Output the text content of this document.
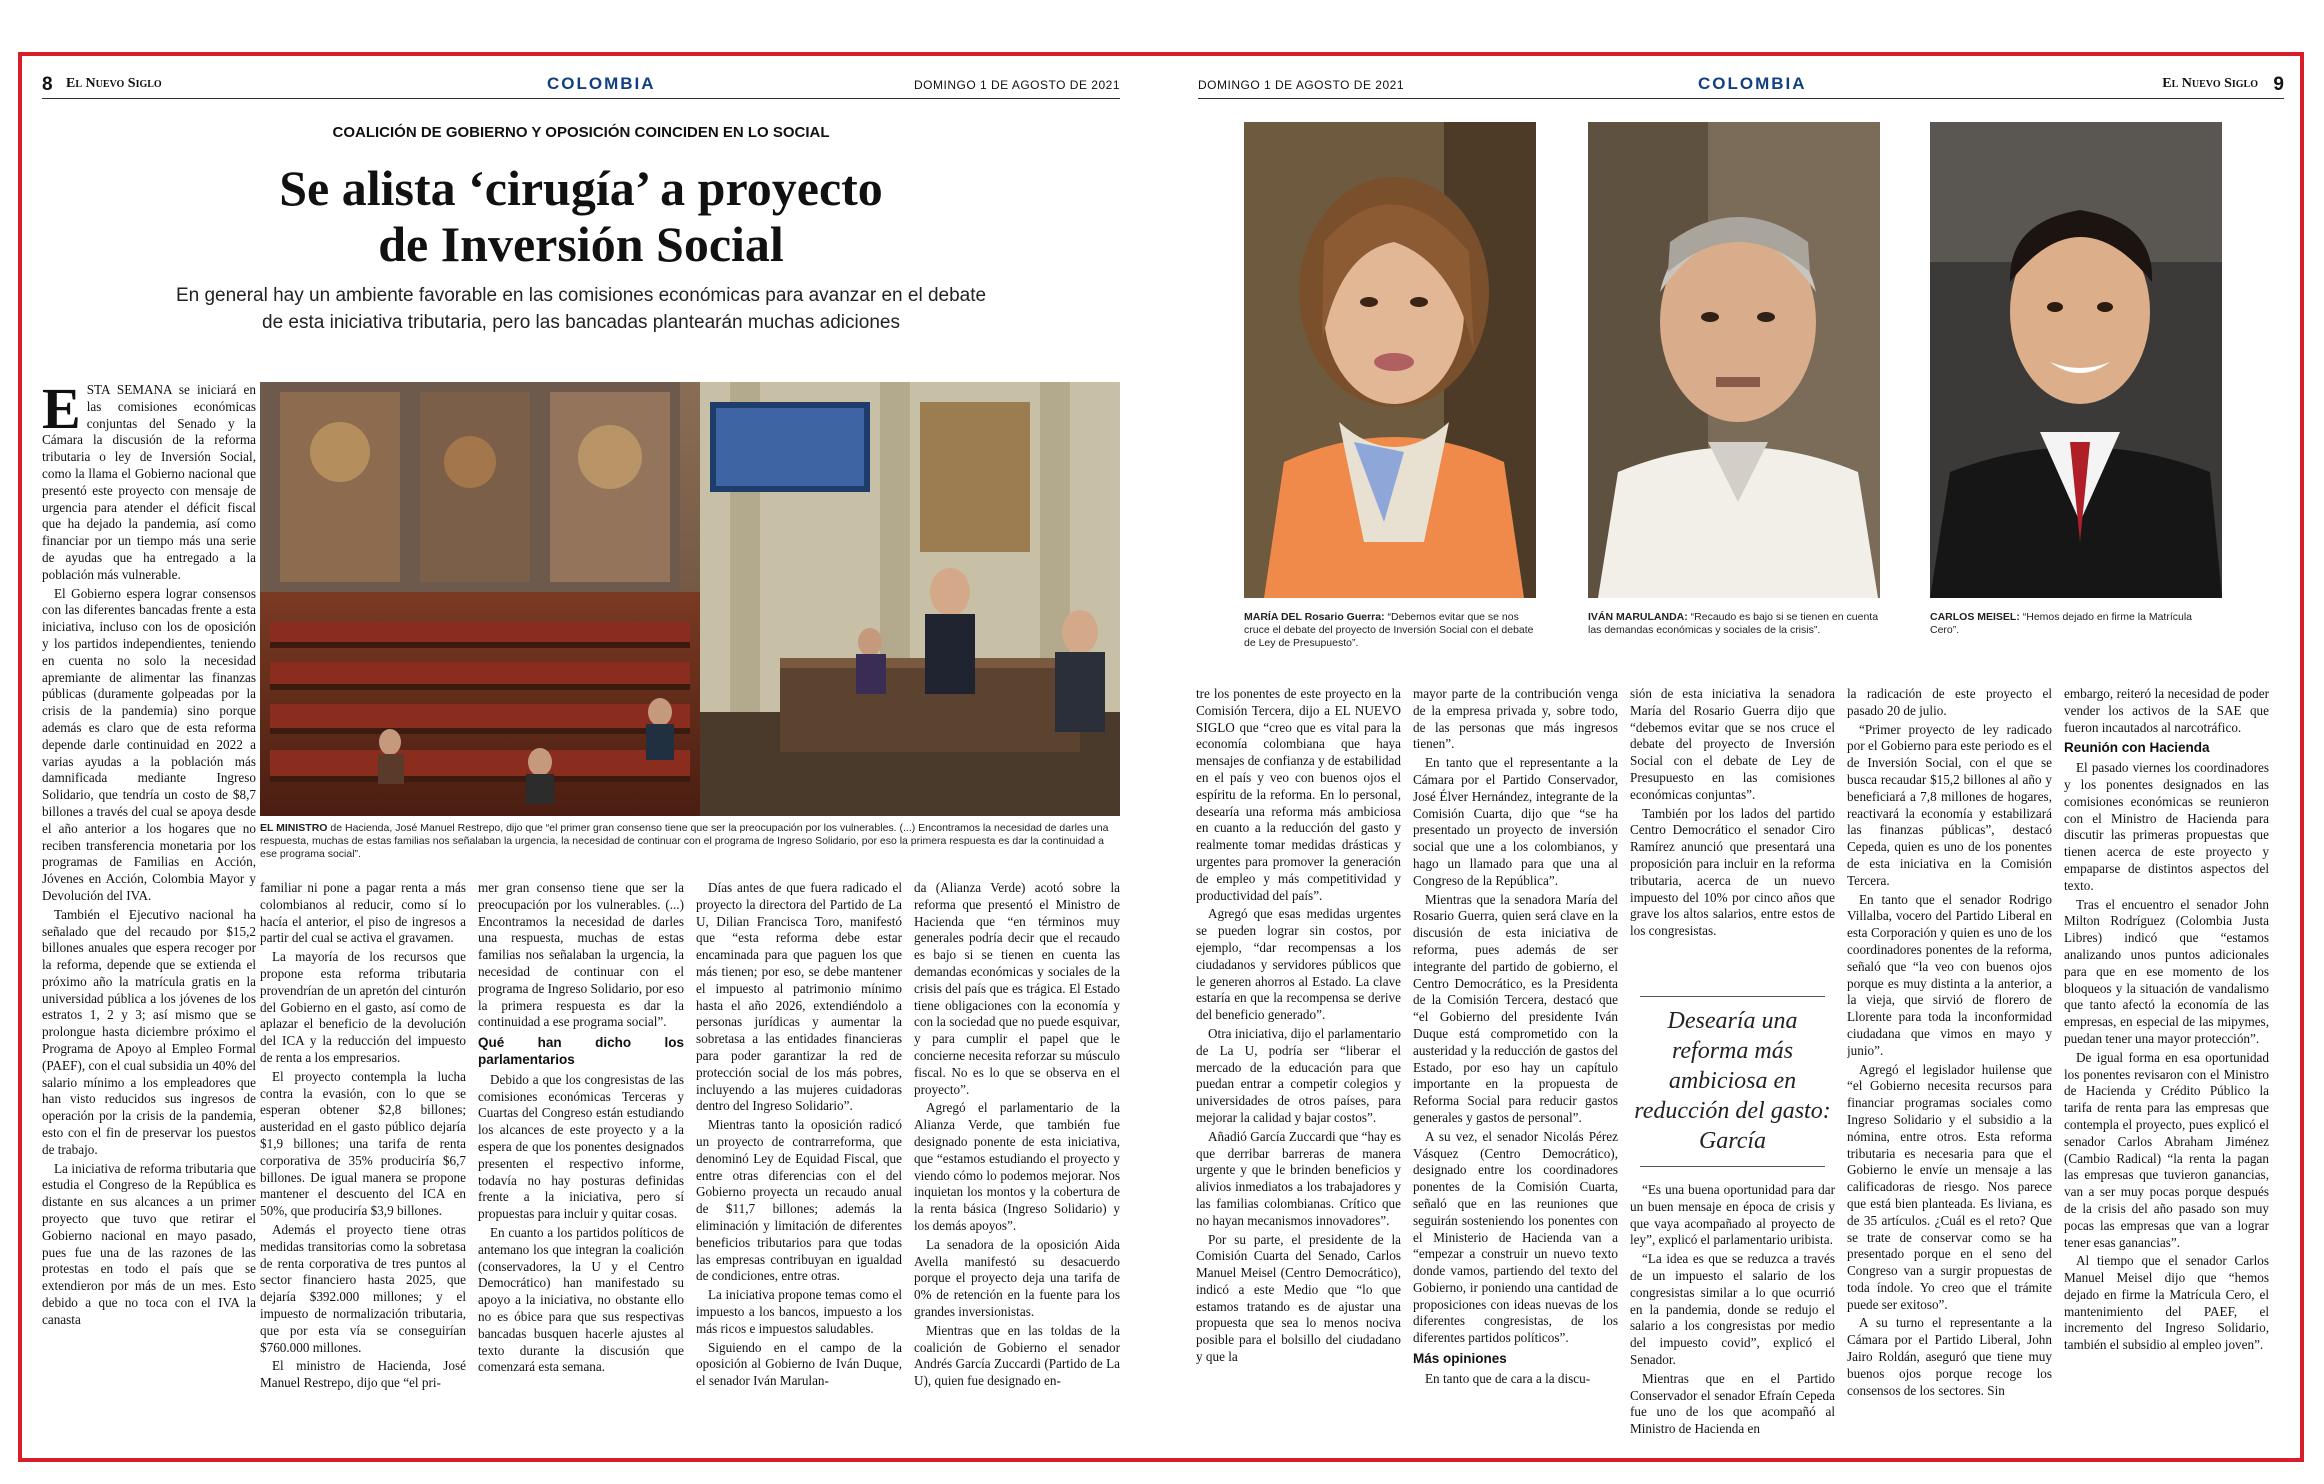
8 El Nuevo Siglo	COLOMBIA	DOMINGO 1 DE AGOSTO DE 2021
COALICIÓN DE GOBIERNO Y OPOSICIÓN COINCIDEN EN LO SOCIAL
Se alista ‘cirugía’ a proyecto
de Inversión Social
En general hay un ambiente favorable en las comisiones económicas para avanzar en el debate
de esta iniciativa tributaria, pero las bancadas plantearán muchas adiciones
E STA SEMANA se iniciará en las comisiones económicas conjuntas del Senado y la Cámara la discusión de la reforma tributaria o ley de Inversión Social, como la llama el Gobierno nacional que presentó este proyecto con mensaje de urgencia para atender el déficit fiscal que ha dejado la pandemia, así como financiar por un tiempo más una serie de ayudas que ha entregado a la población más vulnerable.

El Gobierno espera lograr consensos con las diferentes bancadas frente a esta iniciativa, incluso con los de oposición y los partidos independientes, teniendo en cuenta no solo la necesidad apremiante de alimentar las finanzas públicas (duramente golpeadas por la crisis de la pandemia) sino porque además es claro que de esta reforma depende darle continuidad en 2022 a varias ayudas a la población más damnificada mediante Ingreso Solidario, que tendría un costo de $8,7 billones a través del cual se apoya desde el año anterior a los hogares que no reciben transferencia monetaria por los programas de Familias en Acción, Jóvenes en Acción, Colombia Mayor y Devolución del IVA.

También el Ejecutivo nacional ha señalado que del recaudo por $15,2 billones anuales que espera recoger por la reforma, depende que se extienda el próximo año la matrícula gratis en la universidad pública a los jóvenes de los estratos 1, 2 y 3; así mismo que se prolongue hasta diciembre próximo el Programa de Apoyo al Empleo Formal (PAEF), con el cual subsidia un 40% del salario mínimo a los empleadores que han visto reducidos sus ingresos de operación por la crisis de la pandemia, esto con el fin de preservar los puestos de trabajo.

La iniciativa de reforma tributaria que estudia el Congreso de la República es distante en sus alcances a un primer proyecto que tuvo que retirar el Gobierno nacional en mayo pasado, pues fue una de las razones de las protestas en todo el país que se extendieron por más de un mes. Esto debido a que no toca con el IVA la canasta

EL MINISTRO de Hacienda, José Manuel Restrepo, dijo que “el primer gran consenso tiene que ser la preocupación por los vulnerables. (...) Encontramos la necesidad de darles una respuesta, muchas de estas familias nos señalaban la urgencia, la necesidad de continuar con el programa de Ingreso Solidario, por eso la primera respuesta es dar la continuidad a ese programa social”.

familiar ni pone a pagar renta a más colombianos al reducir, como sí lo hacía el anterior, el piso de ingresos a partir del cual se activa el gravamen.

La mayoría de los recursos que propone esta reforma tributaria provendrían de un apretón del cinturón del Gobierno en el gasto, así como de aplazar el beneficio de la devolución del ICA y la reducción del impuesto de renta a los empresarios.

El proyecto contempla la lucha contra la evasión, con lo que se esperan obtener $2,8 billones; austeridad en el gasto público dejaría $1,9 billones; una tarifa de renta corporativa de 35% produciría $6,7 billones. De igual manera se propone mantener el descuento del ICA en 50%, que produciría $3,9 billones.

Además el proyecto tiene otras medidas transitorias como la sobretasa de renta corporativa de tres puntos al sector financiero hasta 2025, que dejaría $392.000 millones; y el impuesto de normalización tributaria, que por esta vía se conseguirían $760.000 millones.

El ministro de Hacienda, José Manuel Restrepo, dijo que “el pri-

mer gran consenso tiene que ser la preocupación por los vulnerables. (...) Encontramos la necesidad de darles una respuesta, muchas de estas familias nos señalaban la urgencia, la necesidad de continuar con el programa de Ingreso Solidario, por eso la primera respuesta es dar la continuidad a ese programa social”.

Qué han dicho los parlamentarios

Debido a que los congresistas de las comisiones económicas Terceras y Cuartas del Congreso están estudiando los alcances de este proyecto y a la espera de que los ponentes designados presenten el respectivo informe, todavía no hay posturas definidas frente a la iniciativa, pero sí propuestas para incluir y quitar cosas.

En cuanto a los partidos políticos de antemano los que integran la coalición (conservadores, la U y el Centro Democrático) han manifestado su apoyo a la iniciativa, no obstante ello no es óbice para que sus respectivas bancadas busquen hacerle ajustes al texto durante la discusión que comenzará esta semana.

Días antes de que fuera radicado el proyecto la directora del Partido de La U, Dilian Francisca Toro, manifestó que “esta reforma debe estar encaminada para que paguen los que más tienen; por eso, se debe mantener el impuesto al patrimonio mínimo hasta el año 2026, extendiéndolo a personas jurídicas y aumentar la sobretasa a las entidades financieras para poder garantizar la red de protección social de los más pobres, incluyendo a las mujeres cuidadoras dentro del Ingreso Solidario”.

Mientras tanto la oposición radicó un proyecto de contrarreforma, que denominó Ley de Equidad Fiscal, que entre otras diferencias con el del Gobierno proyecta un recaudo anual de $11,7 billones; además la eliminación y limitación de diferentes beneficios tributarios para que todas las empresas contribuyan en igualdad de condiciones, entre otras.

La iniciativa propone temas como el impuesto a los bancos, impuesto a los más ricos e impuestos saludables.

Siguiendo en el campo de la oposición al Gobierno de Iván Duque, el senador Iván Marulan-

da (Alianza Verde) acotó sobre la reforma que presentó el Ministro de Hacienda que “en términos muy generales podría decir que el recaudo es bajo si se tienen en cuenta las demandas económicas y sociales de la crisis del país que es trágica. El Estado tiene obligaciones con la economía y con la sociedad que no puede esquivar, y para cumplir el papel que le concierne necesita reforzar su músculo fiscal. No es lo que se observa en el proyecto”.

Agregó el parlamentario de la Alianza Verde, que también fue designado ponente de esta iniciativa, que “estamos estudiando el proyecto y viendo cómo lo podemos mejorar. Nos inquietan los montos y la cobertura de la renta básica (Ingreso Solidario) y los demás apoyos”.

La senadora de la oposición Aida Avella manifestó su desacuerdo porque el proyecto deja una tarifa de 0% de retención en la fuente para los grandes inversionistas.

Mientras que en las toldas de la coalición de Gobierno el senador Andrés García Zuccardi (Partido de La U), quien fue designado en-

DOMINGO 1 DE AGOSTO DE 2021	COLOMBIA	El Nuevo Siglo 9
MARÍA DEL Rosario Guerra: “Debemos evitar que se nos cruce el debate del proyecto de Inversión Social con el debate de Ley de Presupuesto”.
IVÁN MARULANDA: “Recaudo es bajo si se tienen en cuenta las demandas económicas y sociales de la crisis”.
CARLOS MEISEL: “Hemos dejado en firme la Matrícula Cero”.

tre los ponentes de este proyecto en la Comisión Tercera, dijo a EL NUEVO SIGLO que “creo que es vital para la economía colombiana que haya mensajes de confianza y de estabilidad en el país y veo con buenos ojos el espíritu de la reforma. En lo personal, desearía una reforma más ambiciosa en cuanto a la reducción del gasto y realmente tomar medidas drásticas y urgentes para promover la generación de empleo y más competitividad y productividad del país”.

Agregó que esas medidas urgentes se pueden lograr sin costos, por ejemplo, “dar recompensas a los ciudadanos y servidores públicos que le generen ahorros al Estado. La clave estaría en que la recompensa se derive del beneficio generado”.

Otra iniciativa, dijo el parlamentario de La U, podría ser “liberar el mercado de la educación para que puedan entrar a competir colegios y universidades de otros países, para mejorar la calidad y bajar costos”.

Añadió García Zuccardi que “hay es que derribar barreras de manera urgente y que le brinden beneficios y alivios inmediatos a los trabajadores y las familias colombianas. Crítico que no hayan mecanismos innovadores”.

Por su parte, el presidente de la Comisión Cuarta del Senado, Carlos Manuel Meisel (Centro Democrático), indicó a este Medio que “lo que estamos tratando es de ajustar una propuesta que sea lo menos nociva posible para el bolsillo del ciudadano y que la

mayor parte de la contribución venga de la empresa privada y, sobre todo, de las personas que más ingresos tienen”.

En tanto que el representante a la Cámara por el Partido Conservador, José Élver Hernández, integrante de la Comisión Cuarta, dijo que “se ha presentado un proyecto de inversión social que une a los colombianos, y hago un llamado para que una al Congreso de la República”.

Mientras que la senadora María del Rosario Guerra, quien será clave en la discusión de esta iniciativa de reforma, pues además de ser integrante del partido de gobierno, el Centro Democrático, es la Presidenta de la Comisión Tercera, destacó que “el Gobierno del presidente Iván Duque está comprometido con la austeridad y la reducción de gastos del Estado, por eso hay un capítulo importante en la propuesta de Reforma Social para reducir gastos generales y gastos de personal”.

A su vez, el senador Nicolás Pérez Vásquez (Centro Democrático), designado entre los coordinadores ponentes de la Comisión Cuarta, señaló que en las reuniones que seguirán sosteniendo los ponentes con el Ministerio de Hacienda van a “empezar a construir un nuevo texto donde vamos, partiendo del texto del Gobierno, ir poniendo una cantidad de proposiciones con ideas nuevas de los diferentes congresistas, de los diferentes partidos políticos”.

Más opiniones

En tanto que de cara a la discu-

sión de esta iniciativa la senadora María del Rosario Guerra dijo que “debemos evitar que se nos cruce el debate del proyecto de Inversión Social con el debate de Ley de Presupuesto en las comisiones económicas conjuntas”.

También por los lados del partido Centro Democrático el senador Ciro Ramírez anunció que presentará una proposición para incluir en la reforma tributaria, acerca de un nuevo impuesto del 10% por cinco años que grave los altos salarios, entre estos de los congresistas.

Desearía una reforma más ambiciosa en reducción del gasto: García

“Es una buena oportunidad para dar un buen mensaje en época de crisis y que vaya acompañado al proyecto de ley”, explicó el parlamentario uribista.

“La idea es que se reduzca a través de un impuesto el salario de los congresistas similar a lo que ocurrió en la pandemia, donde se redujo el salario a los congresistas por medio del impuesto covid”, explicó el Senador.

Mientras que en el Partido Conservador el senador Efraín Cepeda fue uno de los que acompañó al Ministro de Hacienda en

la radicación de este proyecto el pasado 20 de julio.

“Primer proyecto de ley radicado por el Gobierno para este periodo es el de Inversión Social, con el que se busca recaudar $15,2 billones al año y beneficiará a 7,8 millones de hogares, reactivará la economía y estabilizará las finanzas públicas”, destacó Cepeda, quien es uno de los ponentes de esta iniciativa en la Comisión Tercera.

En tanto que el senador Rodrigo Villalba, vocero del Partido Liberal en esta Corporación y quien es uno de los coordinadores ponentes de la reforma, señaló que “la veo con buenos ojos porque es muy distinta a la anterior, a la vieja, que sirvió de florero de Llorente para toda la inconformidad ciudadana que vimos en mayo y junio”.

Agregó el legislador huilense que “el Gobierno necesita recursos para financiar programas sociales como Ingreso Solidario y el subsidio a la nómina, entre otros. Esta reforma tributaria es necesaria para que el Gobierno le envíe un mensaje a las calificadoras de riesgo. Nos parece que está bien planteada. Es liviana, es de 35 artículos. ¿Cuál es el reto? Que se trate de conservar como se ha presentado porque en el seno del Congreso van a surgir propuestas de toda índole. Yo creo que el trámite puede ser exitoso”.

A su turno el representante a la Cámara por el Partido Liberal, John Jairo Roldán, aseguró que tiene muy buenos ojos porque recoge los consensos de los sectores. Sin

embargo, reiteró la necesidad de poder vender los activos de la SAE que fueron incautados al narcotráfico.

Reunión con Hacienda

El pasado viernes los coordinadores y los ponentes designados en las comisiones económicas se reunieron con el Ministro de Hacienda para discutir las primeras propuestas que tienen acerca de este proyecto y empaparse de distintos aspectos del texto.

Tras el encuentro el senador John Milton Rodríguez (Colombia Justa Libres) indicó que “estamos analizando unos puntos adicionales para que en ese momento de los bloqueos y la situación de vandalismo que tanto afectó la economía de las empresas, en especial de las mipymes, puedan tener una mayor protección”.

De igual forma en esa oportunidad los ponentes revisaron con el Ministro de Hacienda y Crédito Público la tarifa de renta para las empresas que contempla el proyecto, pues explicó el senador Carlos Abraham Jiménez (Cambio Radical) “la renta la pagan las empresas que tuvieron ganancias, van a ser muy pocas porque después de la crisis del año pasado son muy pocas las empresas que van a lograr tener esas ganancias”.

Al tiempo que el senador Carlos Manuel Meisel dijo que “hemos dejado en firme la Matrícula Cero, el mantenimiento del PAEF, el incremento del Ingreso Solidario, también el subsidio al empleo joven”.
